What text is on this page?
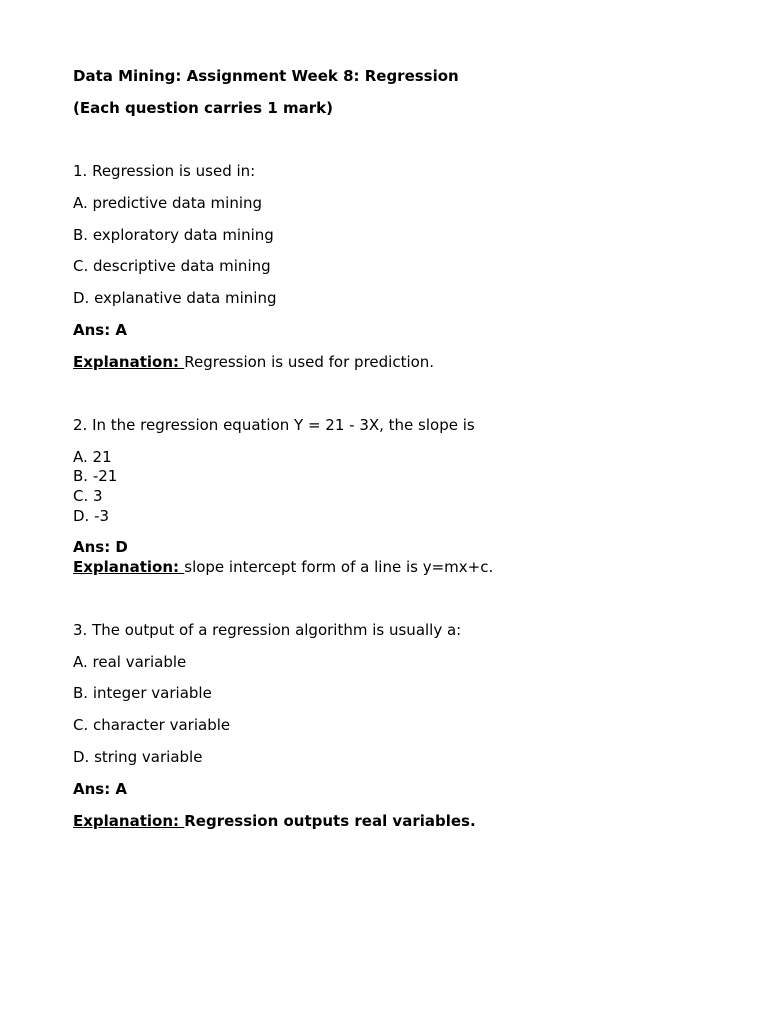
Data Mining: Assignment Week 8: Regression
(Each question carries 1 mark)
1. Regression is used in:
A. predictive data mining
B. exploratory data mining
C. descriptive data mining
D. explanative data mining
Ans: A
Explanation: Regression is used for prediction.
2. In the regression equation Y = 21 - 3X, the slope is
A. 21
B. -21
C. 3
D. -3
Ans: D
Explanation: slope intercept form of a line is y=mx+c.
3. The output of a regression algorithm is usually a:
A. real variable
B. integer variable
C. character variable
D. string variable
Ans: A
Explanation: Regression outputs real variables.
